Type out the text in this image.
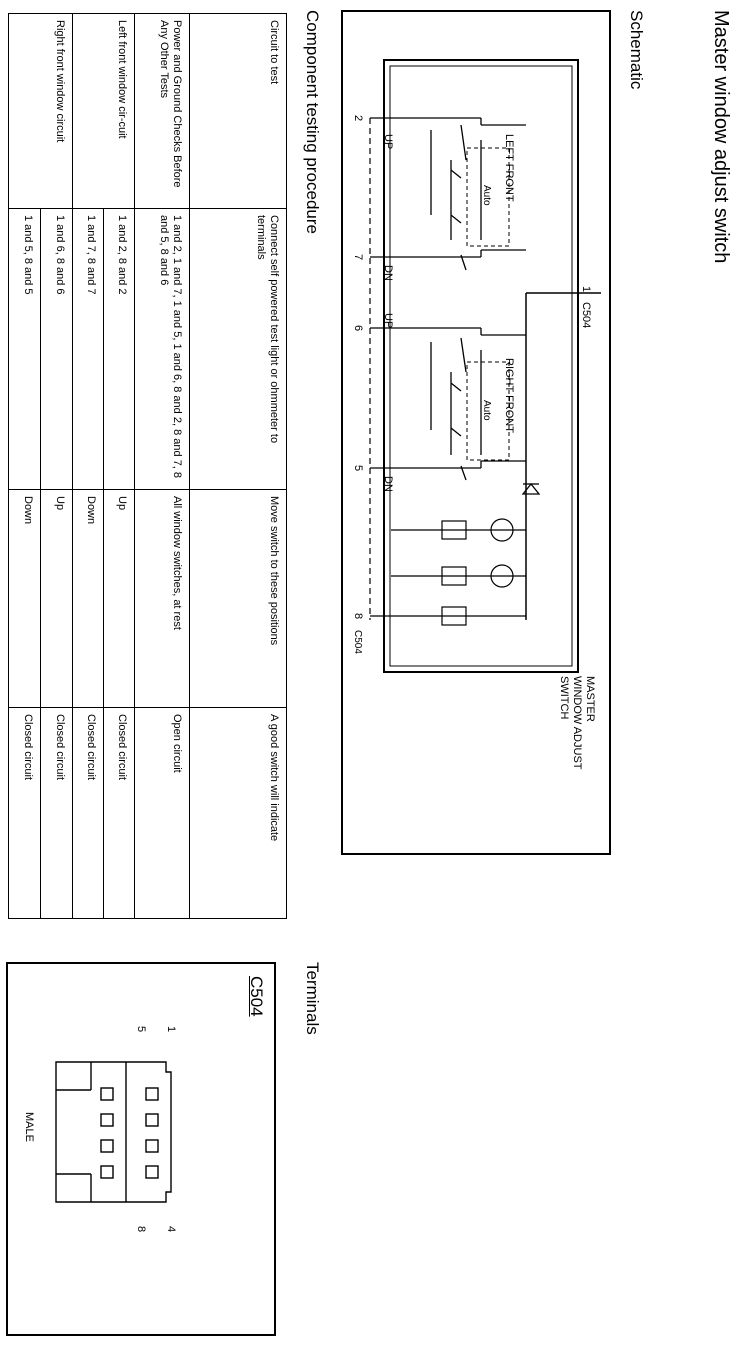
Master window adjust switch
Schematic
2
7
6
5
8
C504
1
C504
UP
DN
LEFT FRONT
Auto
UP
DN
RIGHT FRONT
Auto
MASTER
WINDOW ADJUST
SWITCH
Component testing procedure
Circuit to test	Connect self powered test light or ohmmeter to terminals	Move switch to these positions	A good switch will indicate
Power and Ground Checks Before Any Other Tests	1 and 2, 1 and 7, 1 and 5, 1 and 6, 8 and 2, 8 and 7, 8 and 5, 8 and 6	All window switches, at rest	Open circuit
Left front window cir-cuit	1 and 2, 8 and 2	Up	Closed circuit
	1 and 7, 8 and 7	Down	Closed circuit
Right front window circuit	1 and 6, 8 and 6	Up	Closed circuit
	1 and 5, 8 and 5	Down	Closed circuit
Terminals
C504
1
4
5
8
MALE
